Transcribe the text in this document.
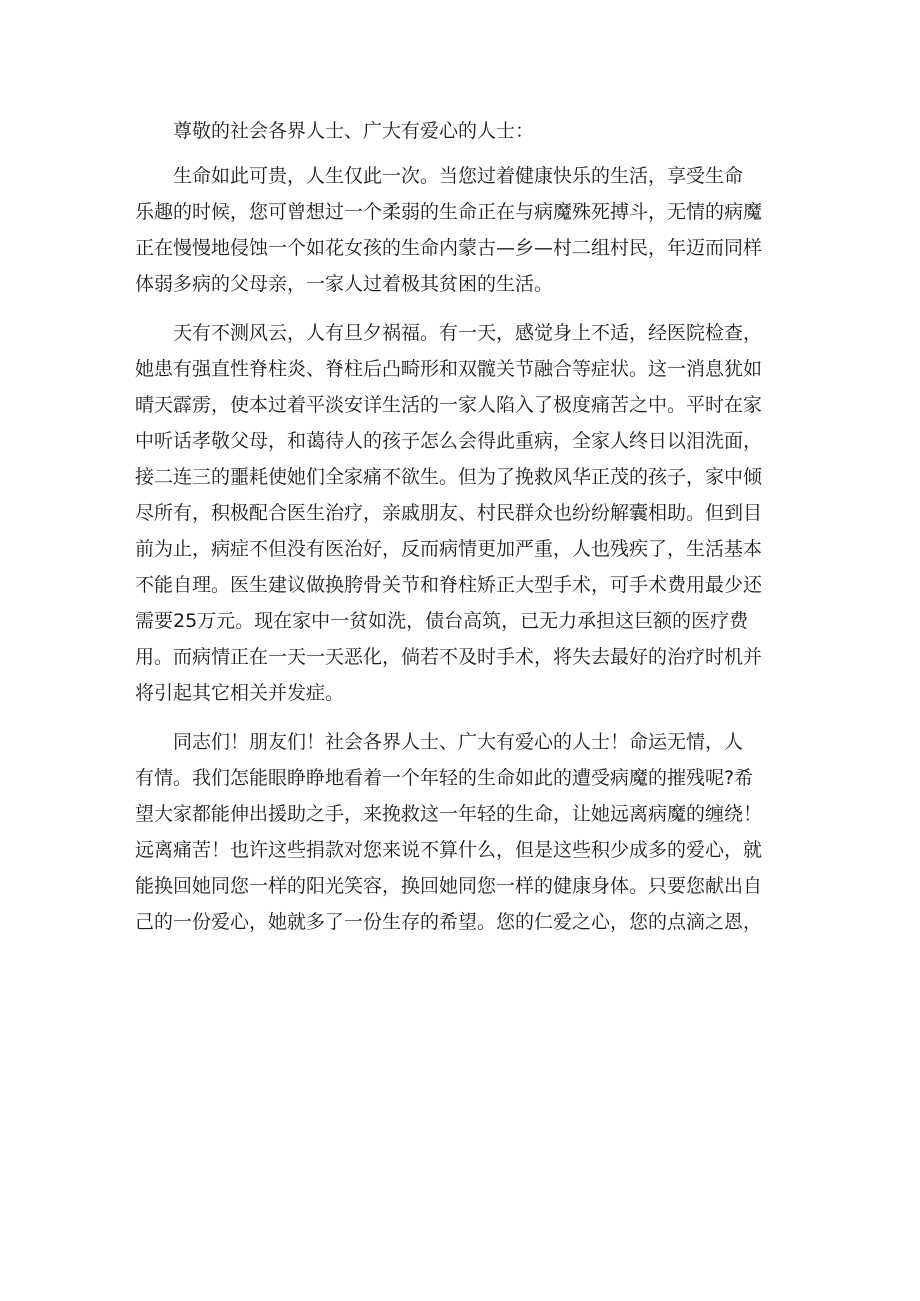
尊敬的社会各界人士、广大有爱心的人士：

生命如此可贵，人生仅此一次。当您过着健康快乐的生活，享受生命
乐趣的时候，您可曾想过一个柔弱的生命正在与病魔殊死搏斗，无情的病魔
正在慢慢地侵蚀一个如花女孩的生命内蒙古—乡—村二组村民，年迈而同样
体弱多病的父母亲，一家人过着极其贫困的生活。

天有不测风云，人有旦夕祸福。有一天，感觉身上不适，经医院检查，
她患有强直性脊柱炎、脊柱后凸畸形和双髋关节融合等症状。这一消息犹如
晴天霹雳，使本过着平淡安详生活的一家人陷入了极度痛苦之中。平时在家
中听话孝敬父母，和蔼待人的孩子怎么会得此重病，全家人终日以泪洗面，
接二连三的噩耗使她们全家痛不欲生。但为了挽救风华正茂的孩子，家中倾
尽所有，积极配合医生治疗，亲戚朋友、村民群众也纷纷解囊相助。但到目
前为止，病症不但没有医治好，反而病情更加严重，人也残疾了，生活基本
不能自理。医生建议做换胯骨关节和脊柱矫正大型手术，可手术费用最少还
需要25万元。现在家中一贫如洗，债台高筑，已无力承担这巨额的医疗费
用。而病情正在一天一天恶化，倘若不及时手术，将失去最好的治疗时机并
将引起其它相关并发症。

同志们！朋友们！社会各界人士、广大有爱心的人士！命运无情，人
有情。我们怎能眼睁睁地看着一个年轻的生命如此的遭受病魔的摧残呢?希
望大家都能伸出援助之手，来挽救这一年轻的生命，让她远离病魔的缠绕！
远离痛苦！也许这些捐款对您来说不算什么，但是这些积少成多的爱心，就
能换回她同您一样的阳光笑容，换回她同您一样的健康身体。只要您献出自
己的一份爱心，她就多了一份生存的希望。您的仁爱之心，您的点滴之恩，
